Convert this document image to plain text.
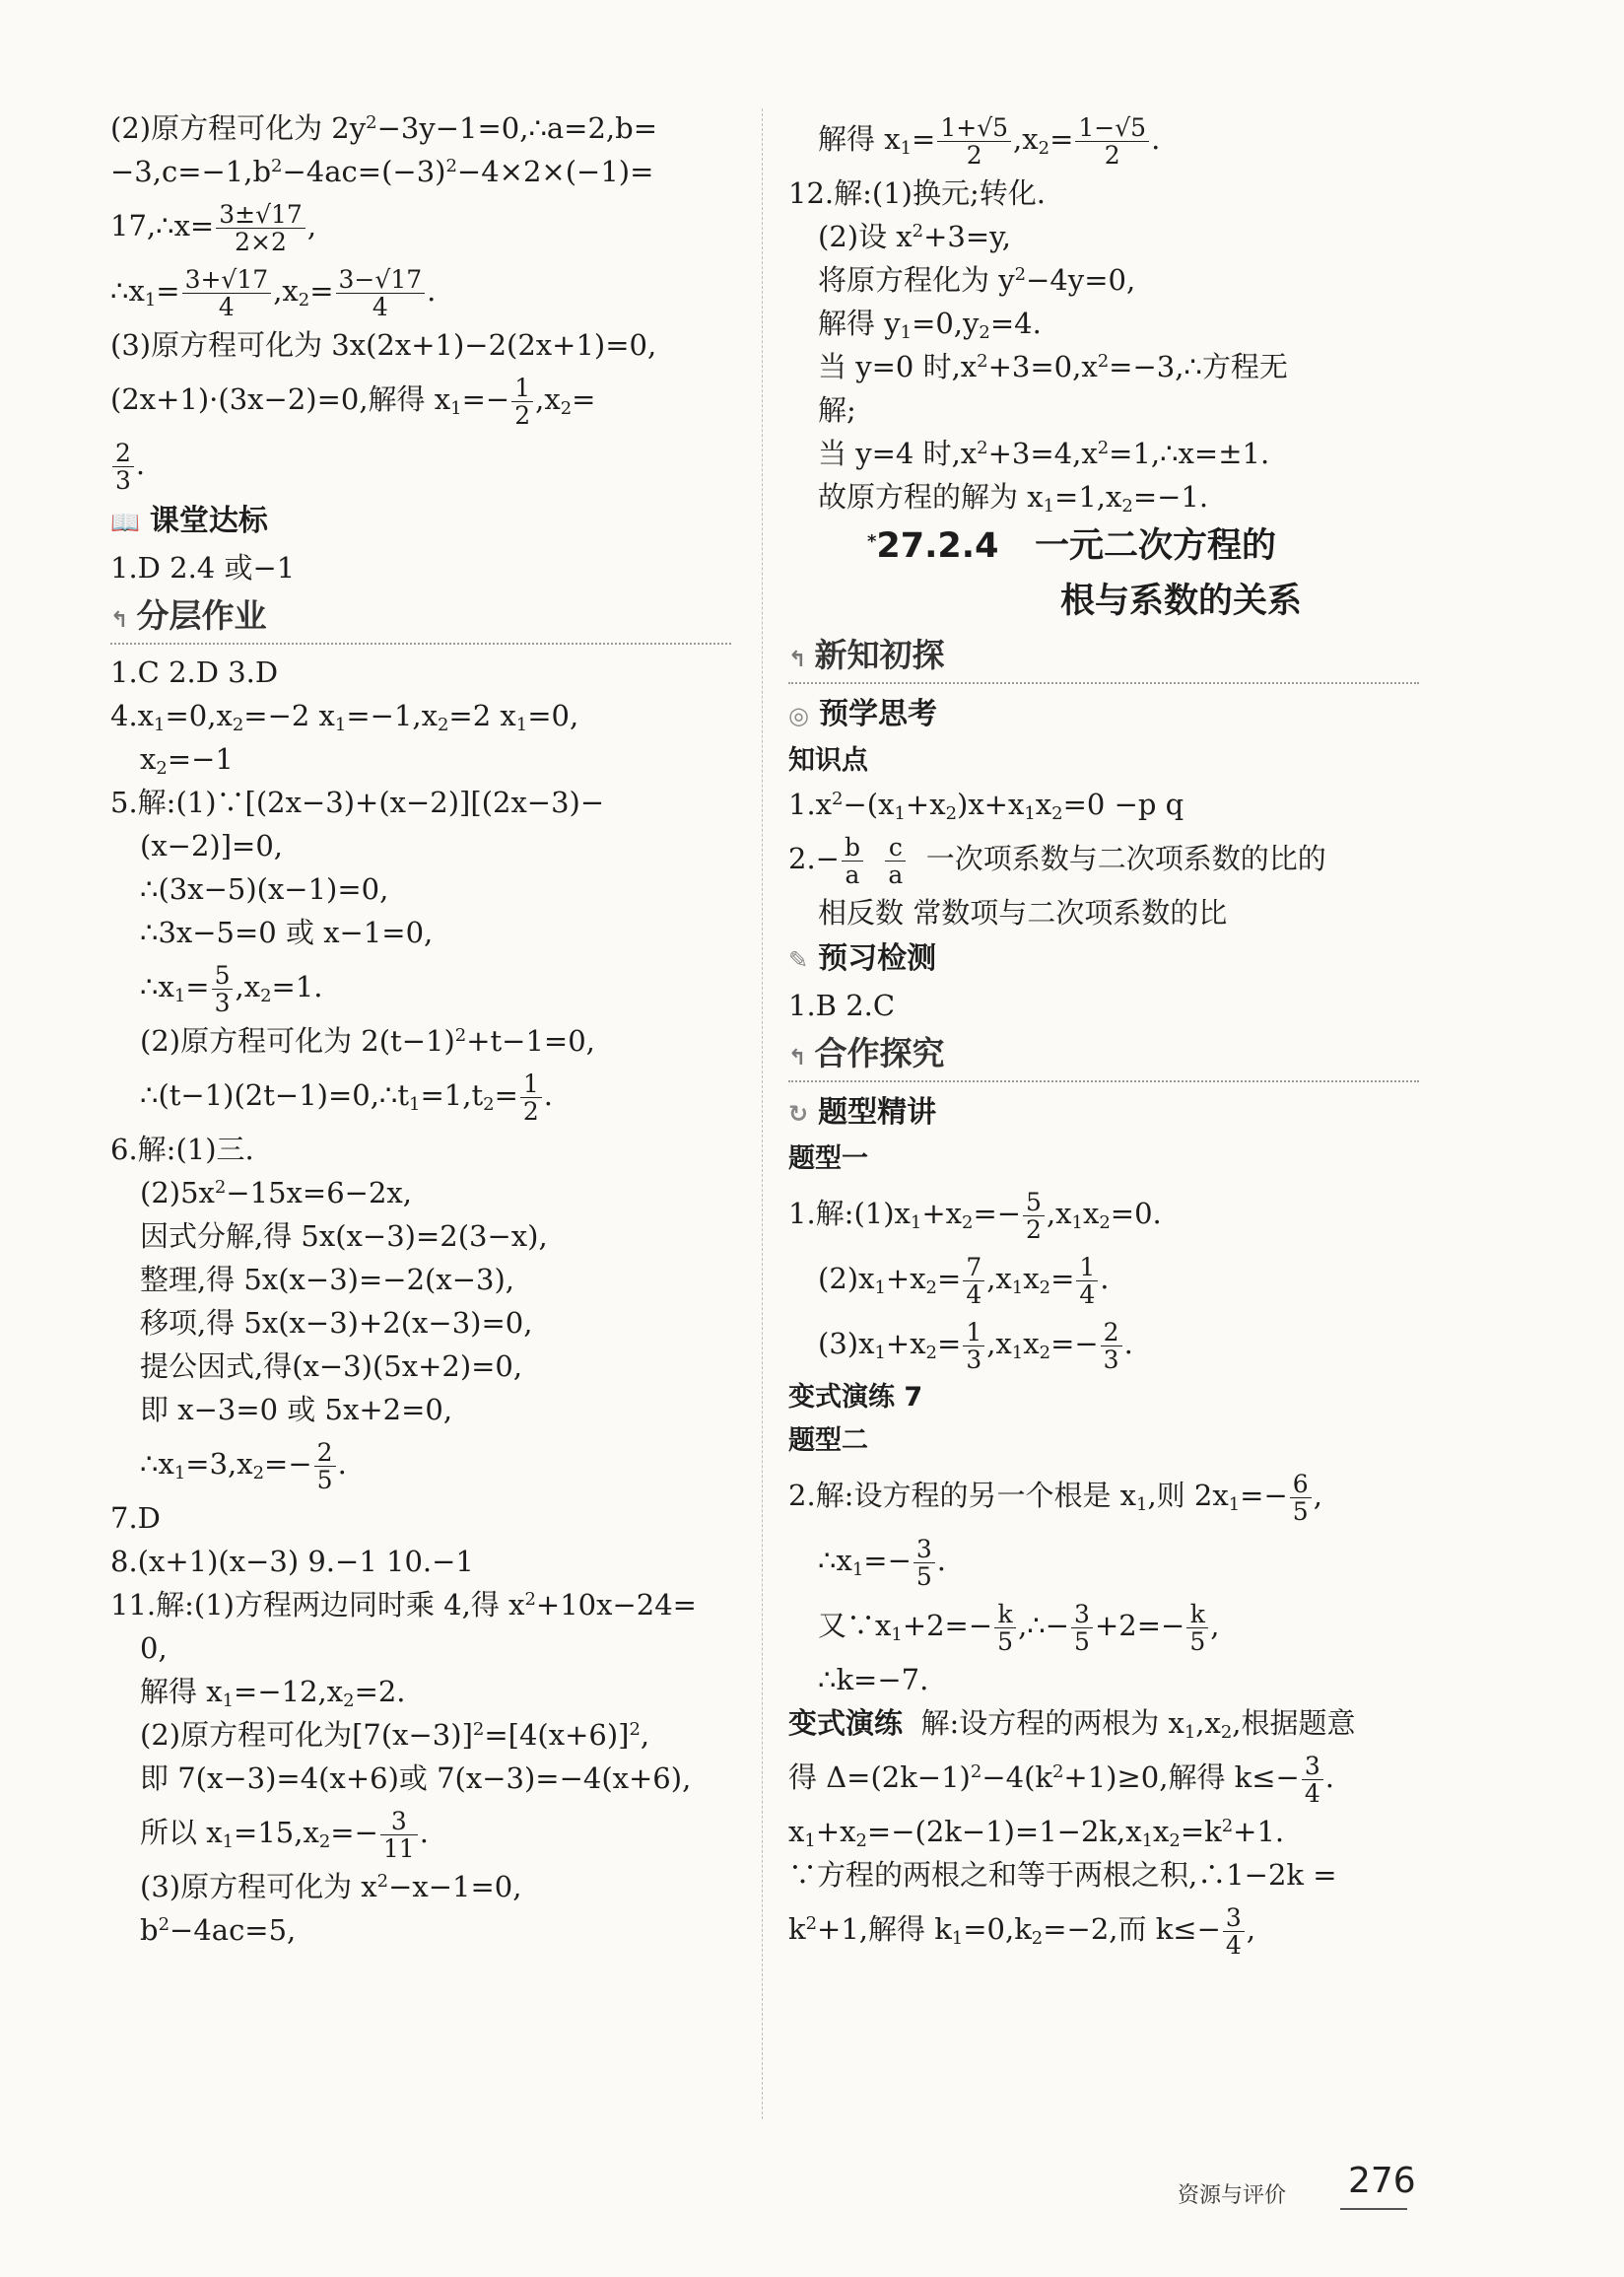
(2)原方程可化为 $2y^2-3y-1=0,\therefore a=2,b=$
$-3,c=-1,b^2-4ac=(-3)^2-4\times 2\times(-1)=$
17,∴x= $\frac{3\pm√17}{2\times 2}$ ,
$\therefore x_1= \frac{3+√17}{4} ,x_2= \frac{3-√17}{4}$ .
(3)原方程可化为 3x(2x+1)−2(2x+1)=0,
(2x+1)·(3x−2)=0,解得 $x_1=- \frac{1}{2} ,x_2=$
$\frac{2}{3}$ .
📖 课堂达标
1.D 2.4 或−1
↰ 分层作业
1.C 2.D 3.D
$4.x_1=0,x_2=-2$ $x_1=-1,x_2=2$ $x_1=0$,
$x_2=-1$
5.解:(1)∵[(2x−3)+(x−2)][(2x−3)−
(x−2)]=0,
∴(3x−5)(x−1)=0,
∴3x−5=0 或 x−1=0,
$\therefore x_1= \frac{5}{3} ,x_2=1$.
(2)原方程可化为 $2(t-1)^2+t-1=0$,
$\therefore(t-1)(2t-1)=0,\therefore t_1=1,t_2= \frac{1}{2}$ .
6.解:(1)三.
$(2)5x^2-15x=6-2x$,
因式分解,得 5x(x−3)=2(3−x),
整理,得 5x(x−3)=−2(x−3),
移项,得 5x(x−3)+2(x−3)=0,
提公因式,得(x−3)(5x+2)=0,
即 x−3=0 或 5x+2=0,
$\therefore x_1=3,x_2=- \frac{2}{5}$ .
7.D
8.(x+1)(x−3) 9.−1 10.−1
11.解:(1)方程两边同时乘 4,得 $x^2+10x-24=$
0,
解得 $x_1=-12,x_2=2$.
(2)原方程可化为$[7(x-3)]^2=[4(x+6)]^2$,
即 7(x−3)=4(x+6)或 7(x−3)=−4(x+6),
所以 $x_1=15,x_2=- \frac{3}{11}$ .
(3)原方程可化为 $x^2-x-1=0$,
$b^2-4ac=5$,
解得 $x_1= \frac{1+√5}{2} ,x_2= \frac{1-√5}{2}$ .
12.解:(1)换元;转化.
(2)设 $x^2+3=y$,
将原方程化为 $y^2-4y=0$,
解得 $y_1=0,y_2=4$.
当 y=0 时$,x^2+3=0,x^2=-3,\therefore$方程无
解;
当 y=4 时$,x^2+3=4,x^2=1,\therefore x=\pm 1$.
故原方程的解为 $x_1=1,x_2=-1$.
*27.2.4 一元二次方程的
根与系数的关系
↰ 新知初探
◎ 预学思考
知识点
$1.x^2-(x_1+x_2)x+x_1x_2=0 -p$ q
$2.- \frac{b}{a}$
$\frac{c}{a}$ 一次项系数与二次项系数的比的
相反数 常数项与二次项系数的比
✎ 预习检测
1.B 2.C
↰ 合作探究
↻ 题型精讲
题型一
1.解$:(1)x_1+x_2=- \frac{5}{2} ,x_1x_2=0$.
$(2)x_1+x_2= \frac{7}{4} ,x_1x_2= \frac{1}{4}$ .
$(3)x_1+x_2= \frac{1}{3} ,x_1x_2=- \frac{2}{3}$ .
变式演练 7
题型二
2.解:设方程的另一个根是 $x_1$,则 $2x_1=- \frac{6}{5}$ ,
$\therefore x_1=- \frac{3}{5}$ .
又$\because x_1+2=- \frac{k}{5}$ ,∴− $\frac{3}{5} +2=- \frac{k}{5}$ ,
∴k=−7.
变式演练 解:设方程的两根为 $x_1,x_2$,根据题意
得 $\Delta=(2k-1)^2-4(k^2+1)\ge 0$,解得 $k\le- \frac{3}{4}$ .
$x_1+x_2=-(2k-1)=1-2k,x_1x_2=k^2+1$.
∵方程的两根之和等于两根之积,∴1−2k =
$k^2+1$,解得 $k_1=0,k_2=-2$,而 $k\le- \frac{3}{4}$ ,
资源与评价 276
